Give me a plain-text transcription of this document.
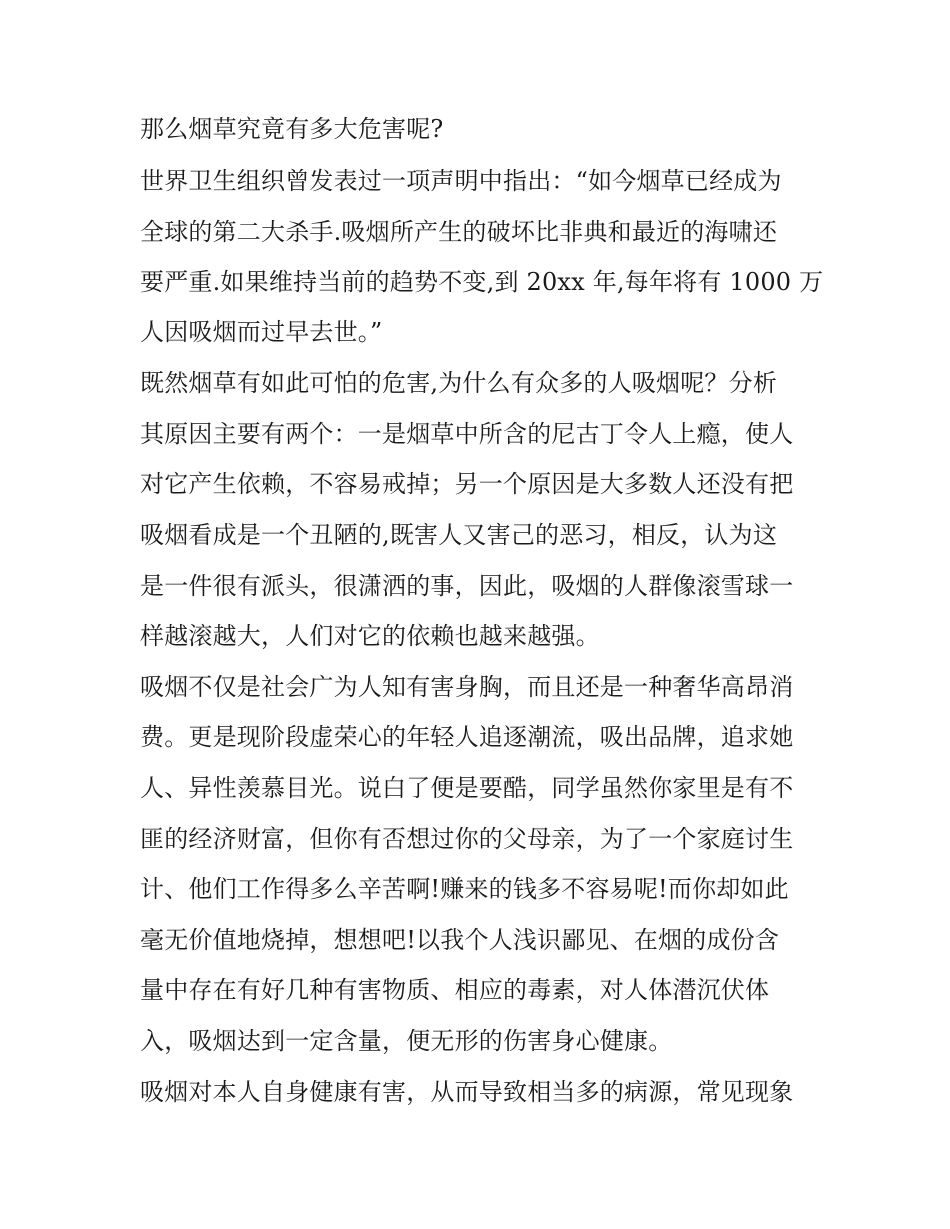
那么烟草究竟有多大危害呢?
世界卫生组织曾发表过一项声明中指出：“如今烟草已经成为
全球的第二大杀手.吸烟所产生的破坏比非典和最近的海啸还
要严重.如果维持当前的趋势不变,到 20xx 年,每年将有 1000 万
人因吸烟而过早去世。”
既然烟草有如此可怕的危害,为什么有众多的人吸烟呢？分析
其原因主要有两个：一是烟草中所含的尼古丁令人上瘾，使人
对它产生依赖，不容易戒掉；另一个原因是大多数人还没有把
吸烟看成是一个丑陋的,既害人又害己的恶习，相反，认为这
是一件很有派头，很潇洒的事，因此，吸烟的人群像滚雪球一
样越滚越大，人们对它的依赖也越来越强。
吸烟不仅是社会广为人知有害身胸，而且还是一种奢华高昂消
费。更是现阶段虚荣心的年轻人追逐潮流，吸出品牌，追求她
人、异性羡慕目光。说白了便是要酷，同学虽然你家里是有不
匪的经济财富，但你有否想过你的父母亲，为了一个家庭讨生
计、他们工作得多么辛苦啊!赚来的钱多不容易呢!而你却如此
毫无价值地烧掉，想想吧!以我个人浅识鄙见、在烟的成份含
量中存在有好几种有害物质、相应的毒素，对人体潜沉伏体
入，吸烟达到一定含量，便无形的伤害身心健康。
吸烟对本人自身健康有害，从而导致相当多的病源，常见现象
